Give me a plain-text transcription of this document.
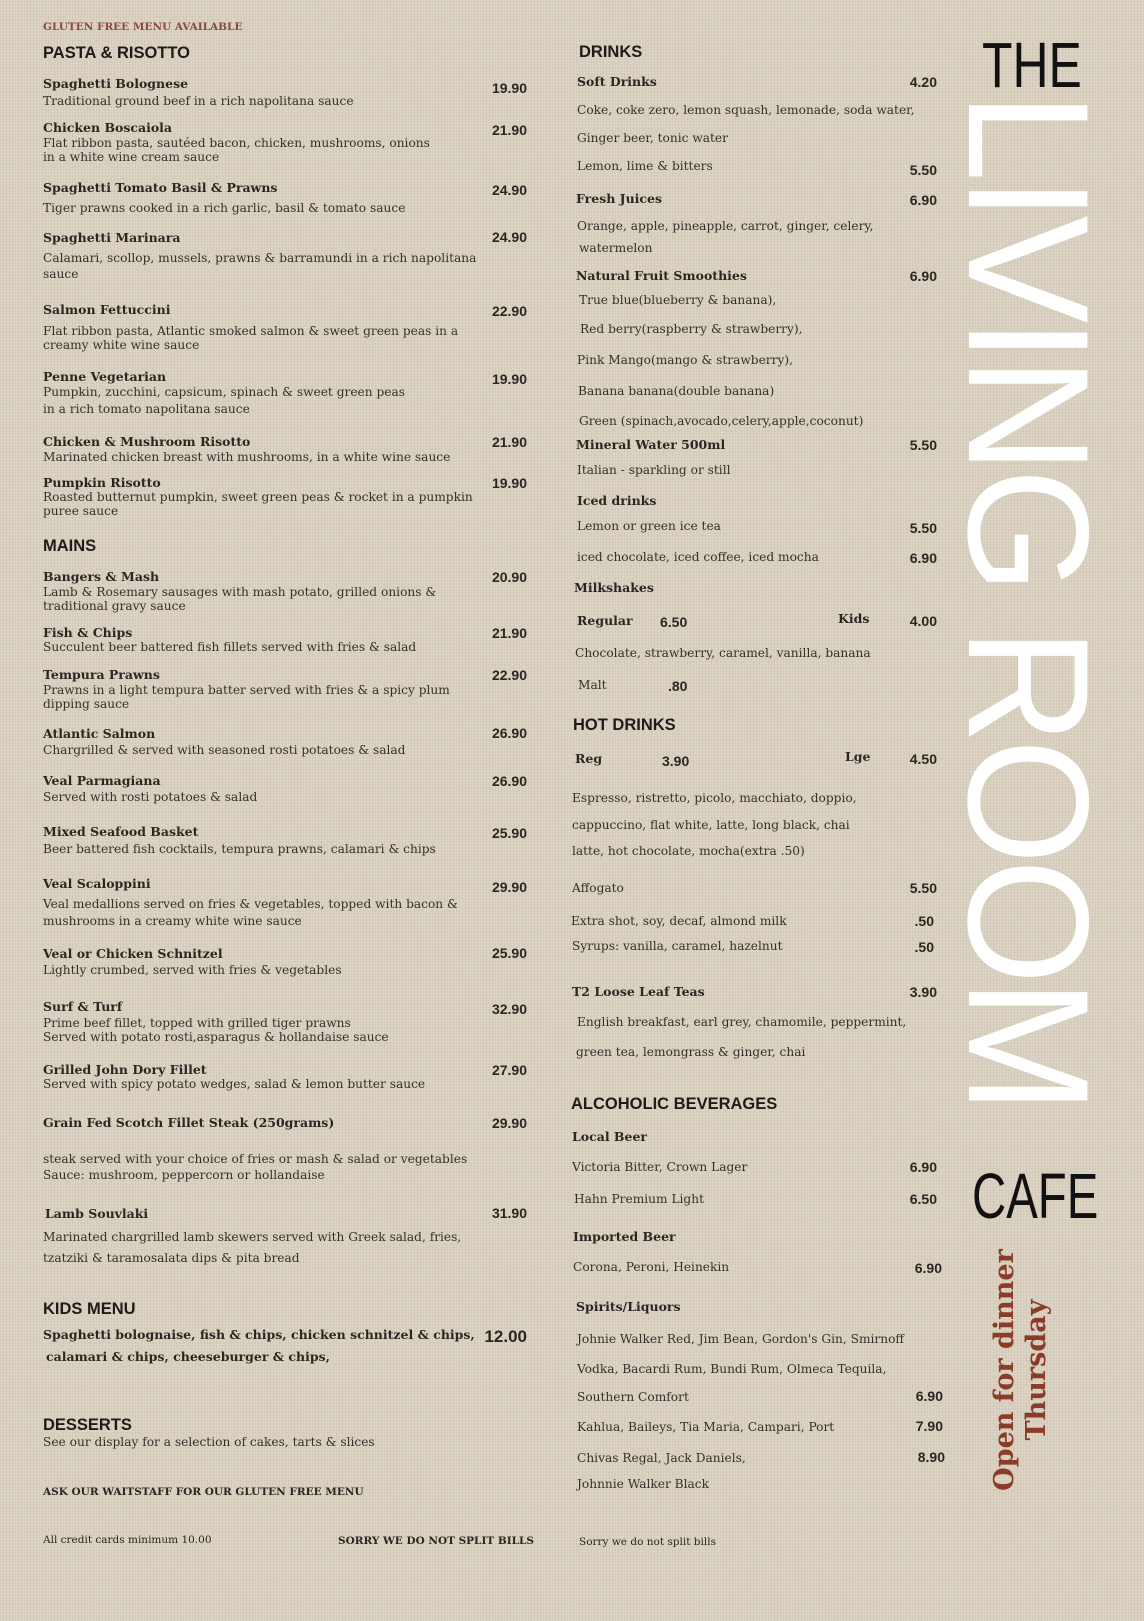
GLUTEN FREE MENU AVAILABLE
PASTA & RISOTTO
Spaghetti Bolognese	19.90
Traditional ground beef in a rich napolitana sauce
Chicken Boscaiola	21.90
Flat ribbon pasta, sautéed bacon, chicken, mushrooms, onions
in a white wine cream sauce
Spaghetti Tomato Basil & Prawns	24.90
Tiger prawns cooked in a rich garlic, basil & tomato sauce
Spaghetti Marinara	24.90
Calamari, scollop, mussels, prawns & barramundi in a rich napolitana
sauce
Salmon Fettuccini	22.90
Flat ribbon pasta, Atlantic smoked salmon & sweet green peas in a
creamy white wine sauce
Penne Vegetarian	19.90
Pumpkin, zucchini, capsicum, spinach & sweet green peas
in a rich tomato napolitana sauce
Chicken & Mushroom Risotto	21.90
Marinated chicken breast with mushrooms, in a white wine sauce
Pumpkin Risotto	19.90
Roasted butternut pumpkin, sweet green peas & rocket in a pumpkin
puree sauce
MAINS
Bangers & Mash	20.90
Lamb & Rosemary sausages with mash potato, grilled onions &
traditional gravy sauce
Fish & Chips	21.90
Succulent beer battered fish fillets served with fries & salad
Tempura Prawns	22.90
Prawns in a light tempura batter served with fries & a spicy plum
dipping sauce
Atlantic Salmon	26.90
Chargrilled & served with seasoned rosti potatoes & salad
Veal Parmagiana	26.90
Served with rosti potatoes & salad
Mixed Seafood Basket	25.90
Beer battered fish cocktails, tempura prawns, calamari & chips
Veal Scaloppini	29.90
Veal medallions served on fries & vegetables, topped with bacon &
mushrooms in a creamy white wine sauce
Veal or Chicken Schnitzel	25.90
Lightly crumbed, served with fries & vegetables
Surf & Turf	32.90
Prime beef fillet, topped with grilled tiger prawns
Served with potato rosti,asparagus & hollandaise sauce
Grilled John Dory Fillet	27.90
Served with spicy potato wedges, salad & lemon butter sauce
Grain Fed Scotch Fillet Steak (250grams)	29.90
steak served with your choice of fries or mash & salad or vegetables
Sauce: mushroom, peppercorn or hollandaise
Lamb Souvlaki	31.90
Marinated chargrilled lamb skewers served with Greek salad, fries,
tzatziki & taramosalata dips & pita bread
KIDS MENU
Spaghetti bolognaise, fish & chips, chicken schnitzel & chips,
calamari & chips, cheeseburger & chips,
12.00
DESSERTS
See our display for a selection of cakes, tarts & slices
ASK OUR WAITSTAFF FOR OUR GLUTEN FREE MENU
All credit cards minimum 10.00	SORRY WE DO NOT SPLIT BILLS
DRINKS
Soft Drinks	4.20
Coke, coke zero, lemon squash, lemonade, soda water,
Ginger beer, tonic water
Lemon, lime & bitters	5.50
Fresh Juices	6.90
Orange, apple, pineapple, carrot, ginger, celery,
watermelon
Natural Fruit Smoothies	6.90
True blue(blueberry & banana),
Red berry(raspberry & strawberry),
Pink Mango(mango & strawberry),
Banana banana(double banana)
Green (spinach,avocado,celery,apple,coconut)
Mineral Water 500ml	5.50
Italian - sparkling or still
Iced drinks
Lemon or green ice tea	5.50
iced chocolate, iced coffee, iced mocha	6.90
Milkshakes
Regular 6.50	Kids	4.00
Chocolate, strawberry, caramel, vanilla, banana
Malt	.80
HOT DRINKS
Reg	3.90	Lge	4.50
Espresso, ristretto, picolo, macchiato, doppio,
cappuccino, flat white, latte, long black, chai
latte, hot chocolate, mocha(extra .50)
Affogato	5.50
Extra shot, soy, decaf, almond milk	.50
Syrups: vanilla, caramel, hazelnut	.50
T2 Loose Leaf Teas	3.90
English breakfast, earl grey, chamomile, peppermint,
green tea, lemongrass & ginger, chai
ALCOHOLIC BEVERAGES
Local Beer
Victoria Bitter, Crown Lager	6.90
Hahn Premium Light	6.50
Imported Beer
Corona, Peroni, Heinekin	6.90
Spirits/Liquors
Johnie Walker Red, Jim Bean, Gordon's Gin, Smirnoff
Vodka, Bacardi Rum, Bundi Rum, Olmeca Tequila,
Southern Comfort	6.90
Kahlua, Baileys, Tia Maria, Campari, Port	7.90
Chivas Regal, Jack Daniels,	8.90
Johnnie Walker Black
Sorry we do not split bills
THE
LIVING ROOM
CAFE
Open for dinner Thursday
